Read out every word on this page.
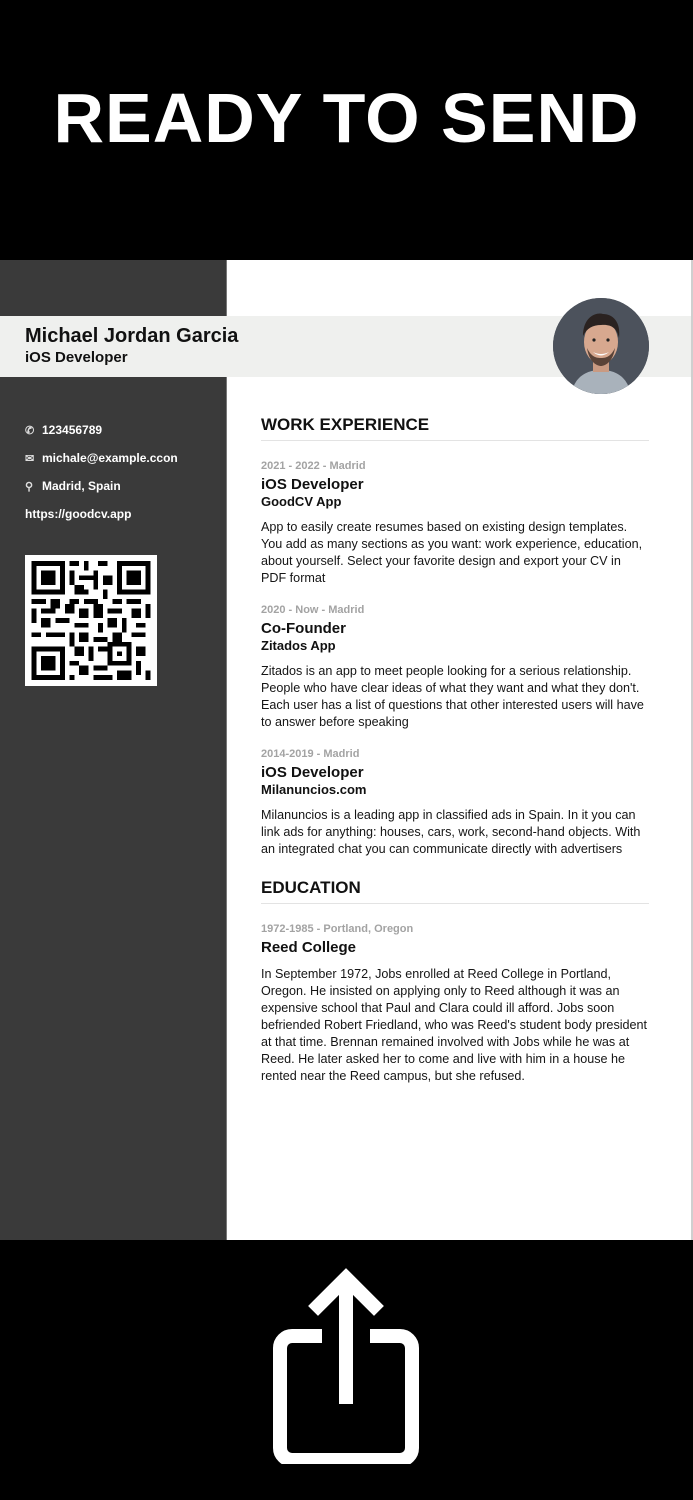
READY TO SEND
Michael Jordan Garcia
iOS Developer
✆ 123456789
✉ michale@example.ccon
⚲ Madrid, Spain
https://goodcv.app
WORK EXPERIENCE
2021 - 2022 - Madrid
iOS Developer
GoodCV App
App to easily create resumes based on existing design templates. You add as many sections as you want: work experience, education, about yourself. Select your favorite design and export your CV in PDF format
2020 - Now - Madrid
Co-Founder
Zitados App
Zitados is an app to meet people looking for a serious relationship. People who have clear ideas of what they want and what they don't. Each user has a list of questions that other interested users will have to answer before speaking
2014-2019 - Madrid
iOS Developer
Milanuncios.com
Milanuncios is a leading app in classified ads in Spain. In it you can link ads for anything: houses, cars, work, second-hand objects. With an integrated chat you can communicate directly with advertisers
EDUCATION
1972-1985 - Portland, Oregon
Reed College
In September 1972, Jobs enrolled at Reed College in Portland, Oregon. He insisted on applying only to Reed although it was an expensive school that Paul and Clara could ill afford. Jobs soon befriended Robert Friedland, who was Reed's student body president at that time. Brennan remained involved with Jobs while he was at Reed. He later asked her to come and live with him in a house he rented near the Reed campus, but she refused.
